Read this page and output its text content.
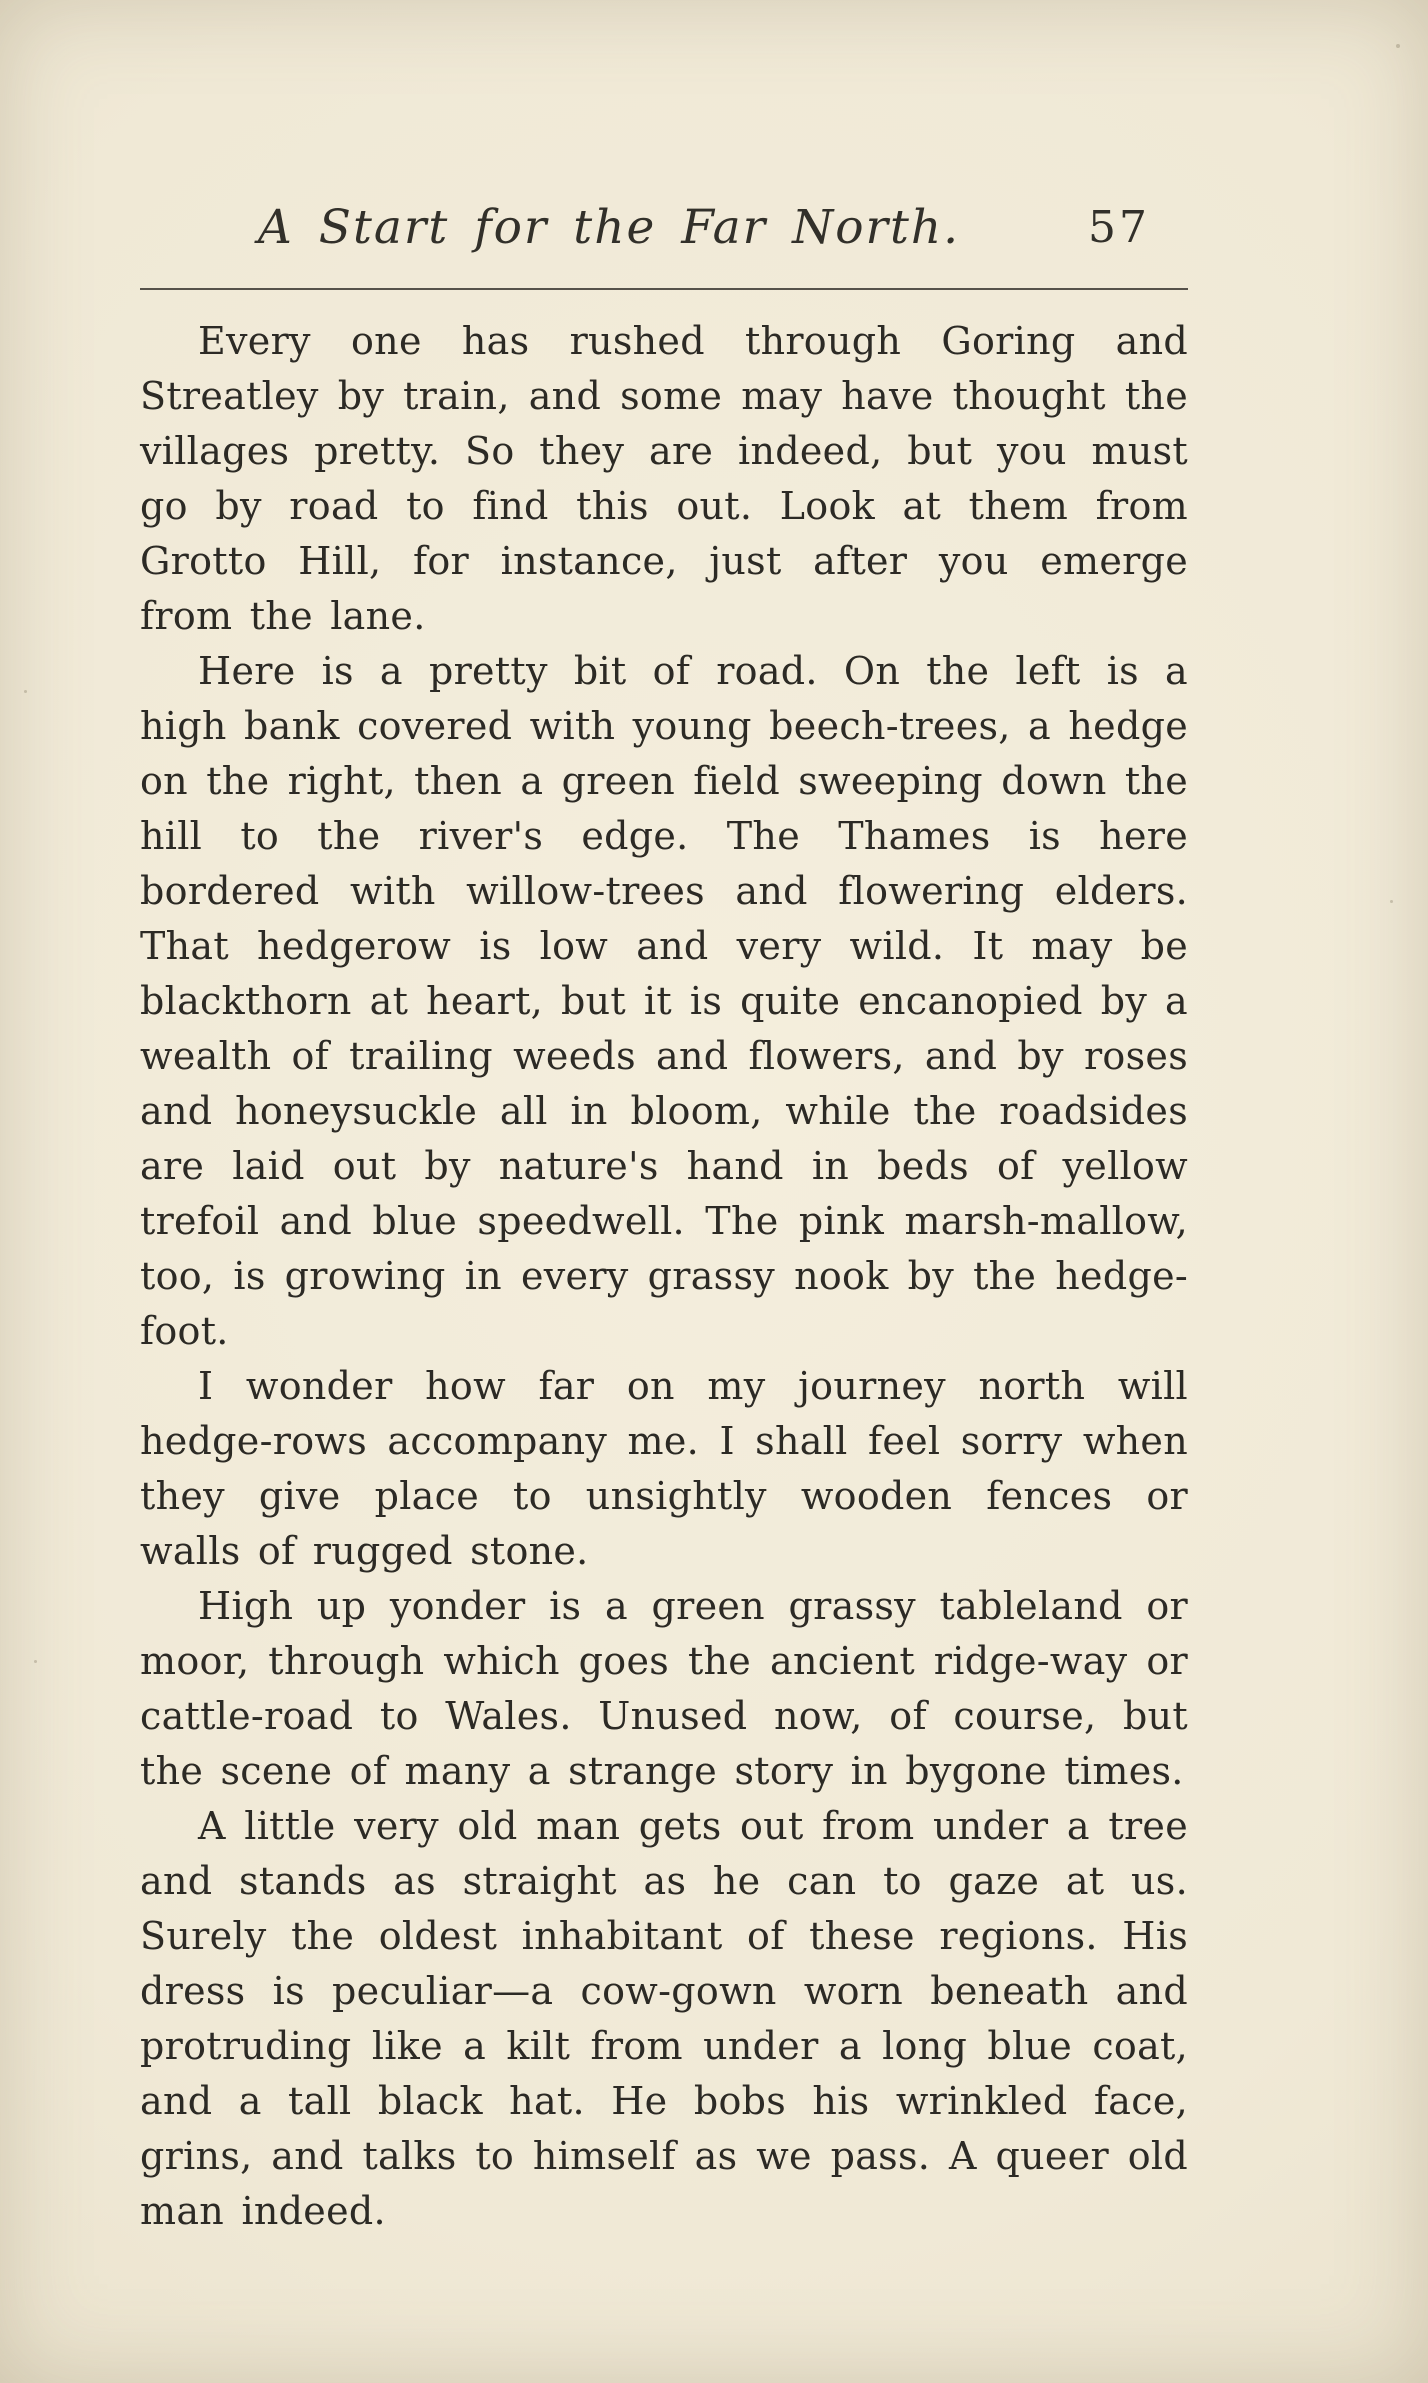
A Start for the Far North.	57

Every one has rushed through Goring and Streatley by train, and some may have thought the villages pretty. So they are indeed, but you must go by road to find this out. Look at them from Grotto Hill, for instance, just after you emerge from the lane.

Here is a pretty bit of road. On the left is a high bank covered with young beech-trees, a hedge on the right, then a green field sweeping down the hill to the river's edge. The Thames is here bordered with willow-trees and flowering elders. That hedgerow is low and very wild. It may be blackthorn at heart, but it is quite encanopied by a wealth of trailing weeds and flowers, and by roses and honeysuckle all in bloom, while the roadsides are laid out by nature's hand in beds of yellow trefoil and blue speedwell. The pink marsh-mallow, too, is growing in every grassy nook by the hedge-foot.

I wonder how far on my journey north will hedge-rows accompany me. I shall feel sorry when they give place to unsightly wooden fences or walls of rugged stone.

High up yonder is a green grassy tableland or moor, through which goes the ancient ridge-way or cattle-road to Wales. Unused now, of course, but the scene of many a strange story in bygone times.

A little very old man gets out from under a tree and stands as straight as he can to gaze at us. Surely the oldest inhabitant of these regions. His dress is peculiar—a cow-gown worn beneath and protruding like a kilt from under a long blue coat, and a tall black hat. He bobs his wrinkled face, grins, and talks to himself as we pass. A queer old man indeed.
